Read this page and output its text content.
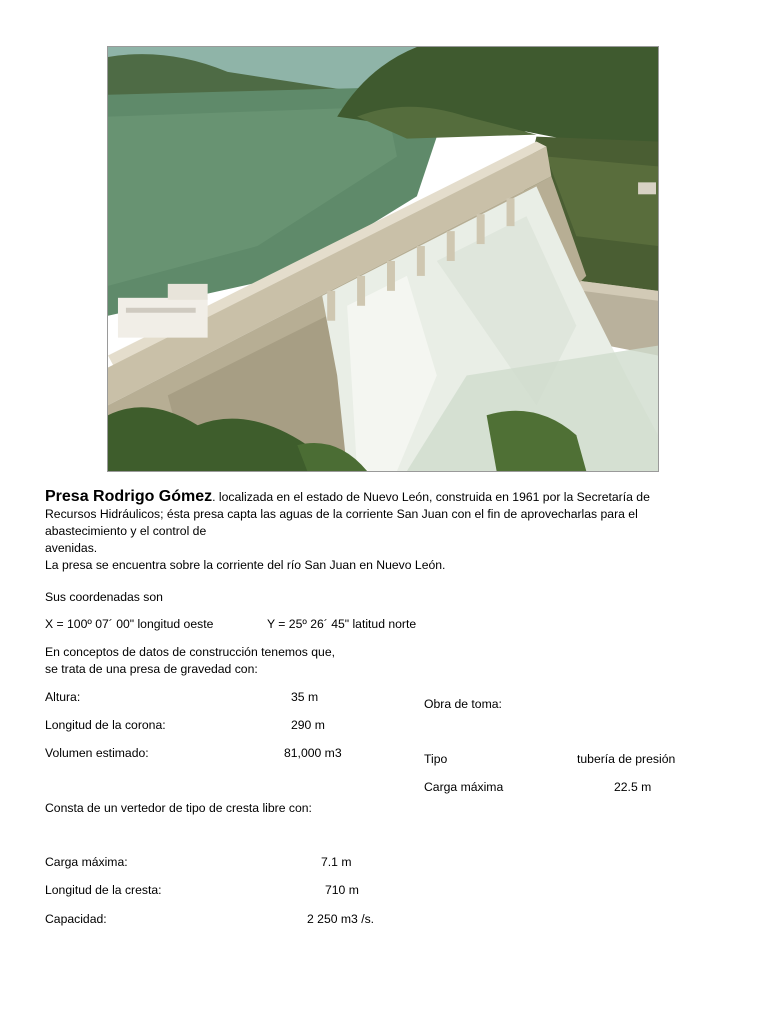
Presa Rodrigo Gómez. localizada en el estado de Nuevo León, construida en 1961 por la Secretaría de
Recursos Hidráulicos; ésta presa capta las aguas de la corriente San Juan con el fin de aprovecharlas para el
abastecimiento y el control de
avenidas.
La presa se encuentra sobre la corriente del río San Juan en Nuevo León.
Sus coordenadas son
X = 100º 07´ 00" longitud oeste	Y = 25º 26´ 45" latitud norte
En conceptos de datos de construcción tenemos que,
se trata de una presa de gravedad con:
Altura:	35 m
Longitud de la corona:	290 m
Volumen estimado:	81,000 m3
Obra de toma:
Tipo	tubería de presión
Carga máxima	22.5 m
Consta de un vertedor de tipo de cresta libre con:
Carga máxima:	7.1 m
Longitud de la cresta:	710 m
Capacidad:	2 250 m3 /s.
